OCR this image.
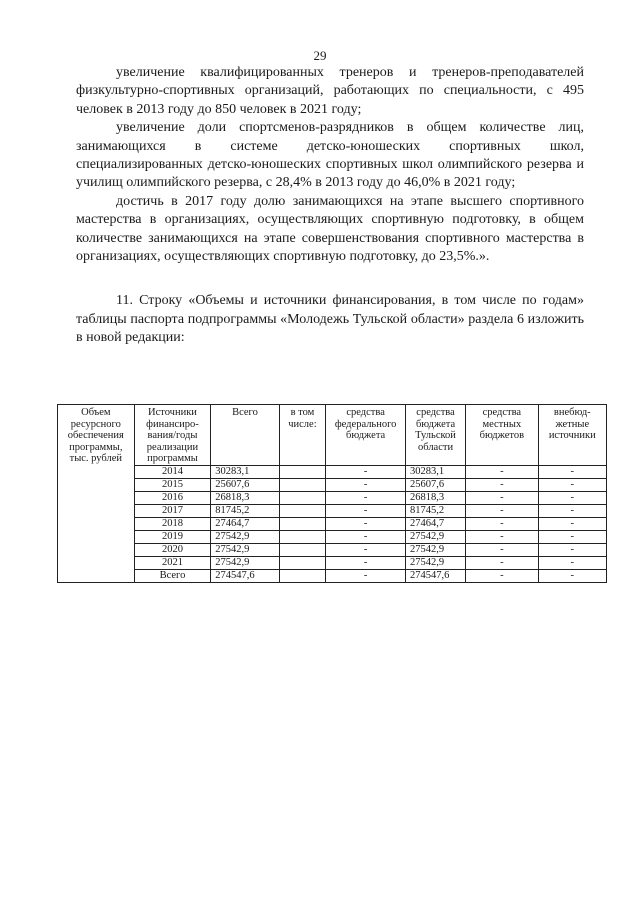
29

увеличение квалифицированных тренеров и тренеров-преподавателей физкультурно-спортивных организаций, работающих по специальности, с 495 человек в 2013 году до 850 человек в 2021 году;

увеличение доли спортсменов-разрядников в общем количестве лиц, занимающихся в системе детско-юношеских спортивных школ, специализированных детско-юношеских спортивных школ олимпийского резерва и училищ олимпийского резерва, с 28,4% в 2013 году до 46,0% в 2021 году;

достичь в 2017 году долю занимающихся на этапе высшего спортивного мастерства в организациях, осуществляющих спортивную подготовку, в общем количестве занимающихся на этапе совершенствования спортивного мастерства в организациях, осуществляющих спортивную подготовку, до 23,5%.».

11. Строку «Объемы и источники финансирования, в том числе по годам» таблицы паспорта подпрограммы «Молодежь Тульской области» раздела 6 изложить в новой редакции:

Объем ресурсного обеспечения программы, тыс. рублей	Источники финансиро-вания/годы реализации программы	Всего	в том числе:	средства федерального бюджета	средства бюджета Тульской области	средства местных бюджетов	внебюд-жетные источники
	2014	30283,1		-	30283,1	-	-
	2015	25607,6		-	25607,6	-	-
	2016	26818,3		-	26818,3	-	-
	2017	81745,2		-	81745,2	-	-
	2018	27464,7		-	27464,7	-	-
	2019	27542,9		-	27542,9	-	-
	2020	27542,9		-	27542,9	-	-
	2021	27542,9		-	27542,9	-	-
	Всего	274547,6		-	274547,6	-	-
